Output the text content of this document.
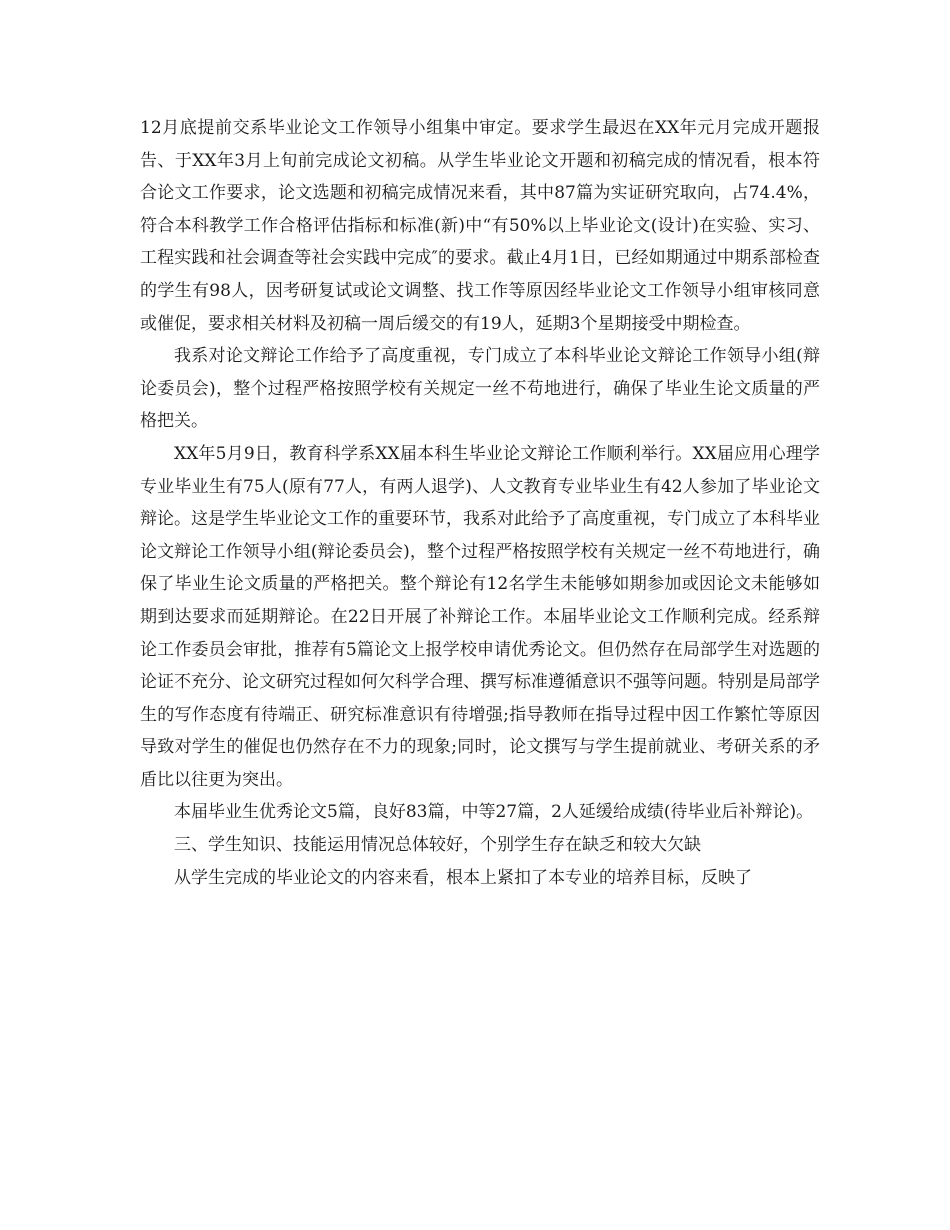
12月底提前交系毕业论文工作领导小组集中审定。要求学生最迟在XX年元月完成开题报告、于XX年3月上旬前完成论文初稿。从学生毕业论文开题和初稿完成的情况看，根本符合论文工作要求，论文选题和初稿完成情况来看，其中87篇为实证研究取向，占74.4%，符合本科教学工作合格评估指标和标准(新)中“有50%以上毕业论文(设计)在实验、实习、工程实践和社会调查等社会实践中完成″的要求。截止4月1日，已经如期通过中期系部检查的学生有98人，因考研复试或论文调整、找工作等原因经毕业论文工作领导小组审核同意或催促，要求相关材料及初稿一周后缓交的有19人，延期3个星期接受中期检查。

我系对论文辩论工作给予了高度重视，专门成立了本科毕业论文辩论工作领导小组(辩论委员会)，整个过程严格按照学校有关规定一丝不苟地进行，确保了毕业生论文质量的严格把关。

XX年5月9日，教育科学系XX届本科生毕业论文辩论工作顺利举行。XX届应用心理学专业毕业生有75人(原有77人，有两人退学)、人文教育专业毕业生有42人参加了毕业论文辩论。这是学生毕业论文工作的重要环节，我系对此给予了高度重视，专门成立了本科毕业论文辩论工作领导小组(辩论委员会)，整个过程严格按照学校有关规定一丝不苟地进行，确保了毕业生论文质量的严格把关。整个辩论有12名学生未能够如期参加或因论文未能够如期到达要求而延期辩论。在22日开展了补辩论工作。本届毕业论文工作顺利完成。经系辩论工作委员会审批，推荐有5篇论文上报学校申请优秀论文。但仍然存在局部学生对选题的论证不充分、论文研究过程如何欠科学合理、撰写标准遵循意识不强等问题。特别是局部学生的写作态度有待端正、研究标准意识有待增强;指导教师在指导过程中因工作繁忙等原因导致对学生的催促也仍然存在不力的现象;同时，论文撰写与学生提前就业、考研关系的矛盾比以往更为突出。

本届毕业生优秀论文5篇，良好83篇，中等27篇，2人延缓给成绩(待毕业后补辩论)。

三、学生知识、技能运用情况总体较好，个别学生存在缺乏和较大欠缺

从学生完成的毕业论文的内容来看，根本上紧扣了本专业的培养目标，反映了
